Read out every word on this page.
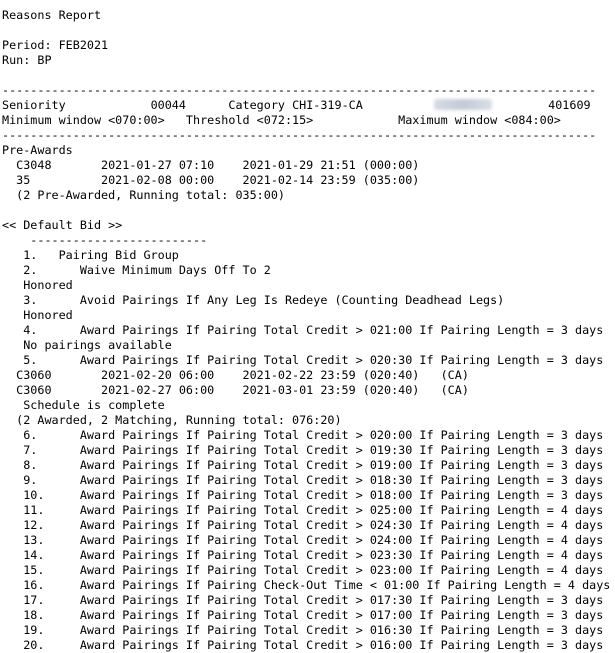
Reasons Report
Period: FEB2021
Run: BP
------------------------------------------------------------------------------------
Seniority	00044	Category CHI-319-CA	401609
Minimum window <070:00>   Threshold <072:15>            Maximum window <084:00>
------------------------------------------------------------------------------------
Pre-Awards
C3048       2021-01-27 07:10    2021-01-29 21:51 (000:00)
35          2021-02-08 00:00    2021-02-14 23:59 (035:00)
(2 Pre-Awarded, Running total: 035:00)
<< Default Bid >>
-------------------------
1.   Pairing Bid Group
2.      Waive Minimum Days Off To 2
Honored
3.      Avoid Pairings If Any Leg Is Redeye (Counting Deadhead Legs)
Honored
4.      Award Pairings If Pairing Total Credit > 021:00 If Pairing Length = 3 days
No pairings available
5.      Award Pairings If Pairing Total Credit > 020:30 If Pairing Length = 3 days
C3060       2021-02-20 06:00    2021-02-22 23:59 (020:40)   (CA)
C3060       2021-02-27 06:00    2021-03-01 23:59 (020:40)   (CA)
Schedule is complete
(2 Awarded, 2 Matching, Running total: 076:20)
6.      Award Pairings If Pairing Total Credit > 020:00 If Pairing Length = 3 days
7.      Award Pairings If Pairing Total Credit > 019:30 If Pairing Length = 3 days
8.      Award Pairings If Pairing Total Credit > 019:00 If Pairing Length = 3 days
9.      Award Pairings If Pairing Total Credit > 018:30 If Pairing Length = 3 days
10.     Award Pairings If Pairing Total Credit > 018:00 If Pairing Length = 3 days
11.     Award Pairings If Pairing Total Credit > 025:00 If Pairing Length = 4 days
12.     Award Pairings If Pairing Total Credit > 024:30 If Pairing Length = 4 days
13.     Award Pairings If Pairing Total Credit > 024:00 If Pairing Length = 4 days
14.     Award Pairings If Pairing Total Credit > 023:30 If Pairing Length = 4 days
15.     Award Pairings If Pairing Total Credit > 023:00 If Pairing Length = 4 days
16.     Award Pairings If Pairing Check-Out Time < 01:00 If Pairing Length = 4 days
17.     Award Pairings If Pairing Total Credit > 017:30 If Pairing Length = 3 days
18.     Award Pairings If Pairing Total Credit > 017:00 If Pairing Length = 3 days
19.     Award Pairings If Pairing Total Credit > 016:30 If Pairing Length = 3 days
20.     Award Pairings If Pairing Total Credit > 016:00 If Pairing Length = 3 days
